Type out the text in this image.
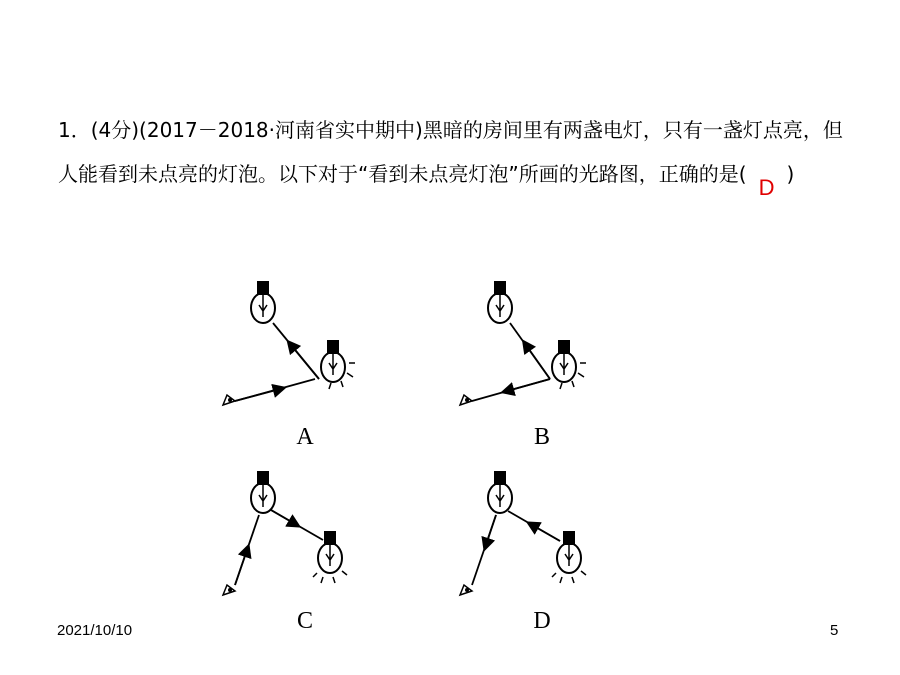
1．(4分)(2017－2018·河南省实中期中)黑暗的房间里有两盏电灯，只有一盏灯点亮，但人能看到未点亮的灯泡。以下对于“看到未点亮灯泡”所画的光路图，正确的是(D)
A	B
C	D
2021/10/10	5
